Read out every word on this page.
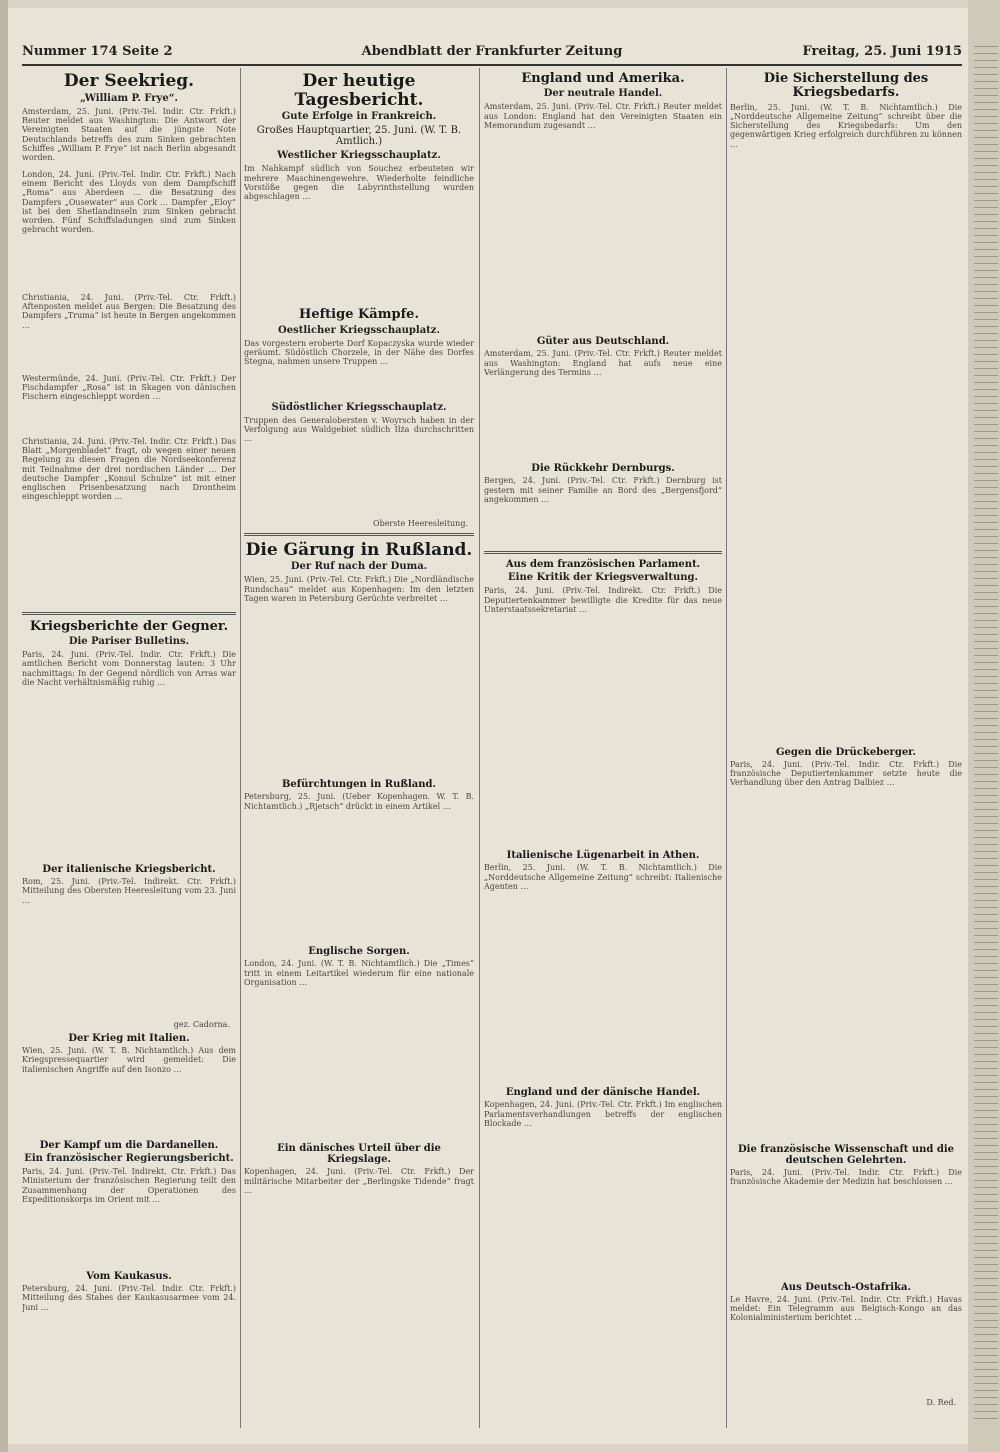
Nummer 174 Seite 2	Abendblatt der Frankfurter Zeitung	Freitag, 25. Juni 1915
Der Seekrieg.
„William P. Frye“.
Amsterdam, 25. Juni. (Priv.-Tel. Indir. Ctr. Frkft.) Reuter meldet aus Washington: Die Antwort der Vereinigten Staaten auf die jüngste Note Deutschlands betreffs des zum Sinken gebrachten Schiffes „William P. Frye“ ist nach Berlin abgesandt worden.
London, 24. Juni. (Priv.-Tel. Indir. Ctr. Frkft.) Nach einem Bericht des Lloyds von dem Dampfschiff „Roma“ aus Aberdeen … die Besatzung des Dampfers „Ousewater“ aus Cork … Dampfer „Eloy“ ist bei den Shetlandinseln zum Sinken gebracht worden. Fünf Schiffsladungen sind zum Sinken gebracht worden.
Christiania, 24. Juni. (Priv.-Tel. Ctr. Frkft.) Aftenposten meldet aus Bergen: Die Besatzung des Dampfers „Truma“ ist heute in Bergen angekommen …
Westermünde, 24. Juni. (Priv.-Tel. Ctr. Frkft.) Der Fischdampfer „Rosa“ ist in Skagen von dänischen Fischern eingeschleppt worden …
Christiania, 24. Juni. (Priv.-Tel. Indir. Ctr. Frkft.) Das Blatt „Morgenbladet“ fragt, ob wegen einer neuen Regelung zu diesen Fragen die Nordseekonferenz mit Teilnahme der drei nordischen Länder … Der deutsche Dampfer „Konsul Schulze“ ist mit einer englischen Prisenbesatzung nach Drontheim eingeschleppt worden …
Kriegsberichte der Gegner.
Die Pariser Bulletins.
Paris, 24. Juni. (Priv.-Tel. Indir. Ctr. Frkft.) Die amtlichen Bericht vom Donnerstag lauten: 3 Uhr nachmittags: In der Gegend nördlich von Arras war die Nacht verhältnismäßig ruhig …
Der italienische Kriegsbericht.
Rom, 25. Juni. (Priv.-Tel. Indirekt. Ctr. Frkft.) Mitteilung des Obersten Heeresleitung vom 23. Juni …
gez. Cadorna.
Der Krieg mit Italien.
Wien, 25. Juni. (W. T. B. Nichtamtlich.) Aus dem Kriegspressequartier wird gemeldet: Die italienischen Angriffe auf den Isonzo …
Der Kampf um die Dardanellen.
Ein französischer Regierungsbericht.
Paris, 24. Juni. (Priv.-Tel. Indirekt. Ctr. Frkft.) Das Ministerium der französischen Regierung teilt den Zusammenhang der Operationen des Expeditionskorps im Orient mit …
Vom Kaukasus.
Petersburg, 24. Juni. (Priv.-Tel. Indir. Ctr. Frkft.) Mitteilung des Stabes der Kaukasusarmee vom 24. Juni …
Der heutige Tagesbericht.
Gute Erfolge in Frankreich.
Großes Hauptquartier, 25. Juni. (W. T. B. Amtlich.)
Westlicher Kriegsschauplatz.
Im Nahkampf südlich von Souchez erbeuteten wir mehrere Maschinengewehre. Wiederholte feindliche Vorstöße gegen die Labyrinthstellung wurden abgeschlagen …
Heftige Kämpfe.
Oestlicher Kriegsschauplatz.
Das vorgestern eroberte Dorf Kopaczyska wurde wieder geräumt. Südöstlich Chorzele, in der Nähe des Dorfes Stegna, nahmen unsere Truppen …
Südöstlicher Kriegsschauplatz.
Truppen des Generalobersten v. Woyrsch haben in der Verfolgung aus Waldgebiet südlich Iłża durchschritten …
Oberste Heeresleitung.
Die Gärung in Rußland.
Der Ruf nach der Duma.
Wien, 25. Juni. (Priv.-Tel. Ctr. Frkft.) Die „Nordländische Rundschau“ meldet aus Kopenhagen: Im den letzten Tagen waren in Petersburg Gerüchte verbreitet …
Befürchtungen in Rußland.
Petersburg, 25. Juni. (Ueber Kopenhagen. W. T. B. Nichtamtlich.) „Rjetsch“ drückt in einem Artikel …
Englische Sorgen.
London, 24. Juni. (W. T. B. Nichtamtlich.) Die „Times“ tritt in einem Leitartikel wiederum für eine nationale Organisation …
Ein dänisches Urteil über die Kriegslage.
Kopenhagen, 24. Juni. (Priv.-Tel. Ctr. Frkft.) Der militärische Mitarbeiter der „Berlingske Tidende“ fragt …
England und Amerika.
Der neutrale Handel.
Amsterdam, 25. Juni. (Priv.-Tel. Ctr. Frkft.) Reuter meldet aus London: England hat den Vereinigten Staaten ein Memorandum zugesandt …
Güter aus Deutschland.
Amsterdam, 25. Juni. (Priv.-Tel. Ctr. Frkft.) Reuter meldet aus Washington: England hat aufs neue eine Verlängerung des Termins …
Die Rückkehr Dernburgs.
Bergen, 24. Juni. (Priv.-Tel. Ctr. Frkft.) Dernburg ist gestern mit seiner Familie an Bord des „Bergensfjord“ angekommen …
Aus dem französischen Parlament.
Eine Kritik der Kriegsverwaltung.
Paris, 24. Juni. (Priv.-Tel. Indirekt. Ctr. Frkft.) Die Deputiertenkammer bewilligte die Kredite für das neue Unterstaatssekretariat …
Italienische Lügenarbeit in Athen.
Berlin, 25. Juni. (W. T. B. Nichtamtlich.) Die „Norddeutsche Allgemeine Zeitung“ schreibt: Italienische Agenten …
England und der dänische Handel.
Kopenhagen, 24. Juni. (Priv.-Tel. Ctr. Frkft.) Im englischen Parlamentsverhandlungen betreffs der englischen Blockade …
Die Sicherstellung des Kriegsbedarfs.
Berlin, 25. Juni. (W. T. B. Nichtamtlich.) Die „Norddeutsche Allgemeine Zeitung“ schreibt über die Sicherstellung des Kriegsbedarfs: Um den gegenwärtigen Krieg erfolgreich durchführen zu können …
Gegen die Drückeberger.
Paris, 24. Juni. (Priv.-Tel. Indir. Ctr. Frkft.) Die französische Deputiertenkammer setzte heute die Verhandlung über den Antrag Dalbiez …
Die französische Wissenschaft und die deutschen Gelehrten.
Paris, 24. Juni. (Priv.-Tel. Indir. Ctr. Frkft.) Die französische Akademie der Medizin hat beschlossen …
Aus Deutsch-Ostafrika.
Le Havre, 24. Juni. (Priv.-Tel. Indir. Ctr. Frkft.) Havas meldet: Ein Telegramm aus Belgisch-Kongo an das Kolonialministerium berichtet …
D. Red.
